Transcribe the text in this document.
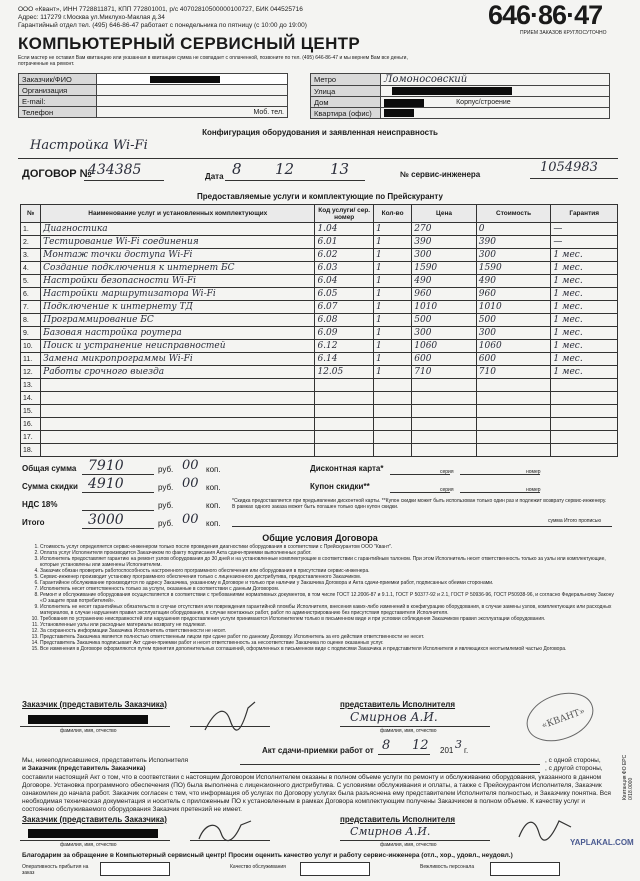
ООО «Квант», ИНН 7728811871, КПП 772801001, р/с 40702810500000100727, БИК 044525716
Адрес: 117279 г.Москва ул.Миклухо-Маклая д.34
Гарантийный отдел тел. (495) 646-86-47 работает с понедельника по пятницу (с 10:00 до 19:00)	646·86·47
ПРИЕМ ЗАКАЗОВ КРУГЛОСУТОЧНО
КОМПЬЮТЕРНЫЙ СЕРВИСНЫЙ ЦЕНТР
Если мастер не оставил Вам квитанцию или указанная в квитанции сумма не совпадает с оплаченной, позвоните по тел. (495) 646-86-47 и мы вернем Вам все деньги, потраченные на ремонт.
Заказчик/ФИО	

Организация	
E-mail:	
Телефон	Моб. тел.
Метро	Ломоносовский
Улица	

Дом	Корпус/строение
Квартира (офис)	
Конфигурация оборудования и заявленная неисправность
Настройка Wi-Fi
ДОГОВОР №
434385	Дата 8 12 13	№ сервис-инженера	1054983
Предоставляемые услуги и комплектующие по Прейскуранту
№	Наименование услуг и установленных комплектующих	Код услуги/ сер. номер	Кол-во	Цена	Стоимость	Гарантия
1.	Диагностика	1.04	1	270	0	—
2.	Тестирование Wi-Fi соединения	6.01	1	390	390	—
3.	Монтаж точки доступа Wi-Fi	6.02	1	300	300	1 мес.
4.	Создание подключения к интернет БС	6.03	1	1590	1590	1 мес.
5.	Настройки безопасности Wi-Fi	6.04	1	490	490	1 мес.
6.	Настройки маршрутизатора Wi-Fi	6.05	1	960	960	1 мес.
7.	Подключение к интернету ТД	6.07	1	1010	1010	1 мес.
8.	Программирование БС	6.08	1	500	500	1 мес.
9.	Базовая настройка роутера	6.09	1	300	300	1 мес.
10.	Поиск и устранение неисправностей	6.12	1	1060	1060	1 мес.
11.	Замена микропрограммы Wi-Fi	6.14	1	600	600	1 мес.
12.	Работы срочного выезда	12.05	1	710	710	1 мес.
13.						
14.						
15.						
16.						
17.						
18.						
Общая сумма 7910	руб. 00 коп.
Сумма скидки 4910	руб. 00 коп.
НДС 18%	руб.	коп.
Итого	3000	руб. 00 коп.
Дисконтная карта*	серия	номер
Купон скидки**	серия	номер
*Скидка предоставляется при предъявлении дисконтной карты. **Купон скидки может быть использован только один раз и подлежит возврату сервис-инженеру. В рамках одного заказа может быть погашен только один купон скидки.
сумма Итого прописью
Общие условия Договора
1. Стоимость услуг определяется сервис-инженером только после проведения диагностики оборудования в соответствии с Прейскурантом ООО "Квант".
2. Оплата услуг Исполнителя производится Заказчиком по факту подписания Акта сдачи-приемки выполненных работ.
3. Исполнитель предоставляет гарантию на ремонт узлов оборудования до 30 дней и на установленные комплектующие в соответствии с гарантийным талоном. При этом Исполнитель несет ответственность только за узлы или комплектующие, которые установлены или заменены Исполнителем.
4. Заказчик обязан проверить работоспособность настроенного программного обеспечения или оборудования в присутствии сервис-инженера.
5. Сервис-инженер производит установку программного обеспечения только с лицензионного дистрибутива, предоставленного Заказчиком.
6. Гарантийное обслуживание производится по адресу Заказчика, указанному в Договоре и только при наличии у Заказчика Договора и Акта сдачи-приемки работ, подписанных обеими сторонами.
7. Исполнитель несет ответственность только за услуги, оказанные в соответствии с данным Договором.
8. Ремонт и обслуживание оборудования осуществляется в соответствии с требованиями нормативных документов, в том числе ГОСТ 12.2006-87 и 9.1.1, ГОСТ Р 50377-92 и 2.1, ГОСТ Р 50936-96, ГОСТ Р50938-96, и согласно Федеральному Закону «О защите прав потребителей».
9. Исполнитель не несет гарантийных обязательств в случае отсутствия или повреждения гарантийной пломбы Исполнителя, внесения каких-либо изменений в конфигурацию оборудования, в случае замены узлов, комплектующих или расходных материалов, в случае нарушения правил эксплуатации оборудования, в случае монтажных работ, работ по администрированию без присутствия представителя Исполнителя.
10. Требования по устранению неисправностей или нарушения предоставления услуги принимаются Исполнителем только в письменном виде и при условии соблюдения Заказчиком правил эксплуатации оборудования.
11. Установленные узлы или расходные материалы возврату не подлежат.
12. За сохранность информации Заказчика Исполнитель ответственности не несет.
13. Представитель Заказчика является полностью ответственным лицом при сдаче работ по данному Договору. Исполнитель за его действия ответственности не несет.
14. Представитель Заказчика подписывает Акт сдачи-приемки работ и несет ответственность за несоответствие Заказчика по оценке оказанных услуг.
15. Все изменения в Договоре оформляются путем принятия дополнительных соглашений, оформленных в письменном виде с подписями Заказчика и представителя Исполнителя и являющихся неотъемлемой частью Договора.
Заказчик (представитель Заказчика)
фамилия, имя, отчество
представитель Исполнителя
Смирнов А.И.
фамилия, имя, отчество	«КВАНТ»
Акт сдачи-приемки работ от 8 12 201 3 г.
Мы, нижеподписавшиеся, представитель Исполнителя	, с одной стороны,
и Заказчик (представитель Заказчика)	, с другой стороны,
составили настоящий Акт о том, что в соответствии с настоящим Договором Исполнителем оказаны в полном объеме услуги по ремонту и обслуживанию оборудования, указанного в данном Договоре. Установка программного обеспечения (ПО) была выполнена с лицензионного дистрибутива. С условиями обслуживания и оплаты, а также с Прейскурантом Исполнителя, Заказчик ознакомлен до начала работ. Заказчик согласен с тем, что информация об услугах по Договору услугах была разъяснена ему представителем Исполнителя полностью, и Заказчику понятна. Вся необходимая техническая документация и носитель с приложенным ПО к установленным в рамках Договора комплектующим получены Заказчиком в полном объеме. К качеству услуг и состоянию обслуживаемого оборудования Заказчик претензий не имеет.
Заказчик (представитель Заказчика)
фамилия, имя, отчество
представитель Исполнителя
Смирнов А.И.
фамилия, имя, отчество
Благодарим за обращение в Компьютерный сервисный центр! Просим оценить качество услуг и работу сервис-инженера (отл., хор., удовл., неудовл.)
Оперативность прибытия на заказ
Качество обслуживания	Вежливость персонала
YAPLAKAL.COM
Квитанция ФО ЕРС 0/18.0000
